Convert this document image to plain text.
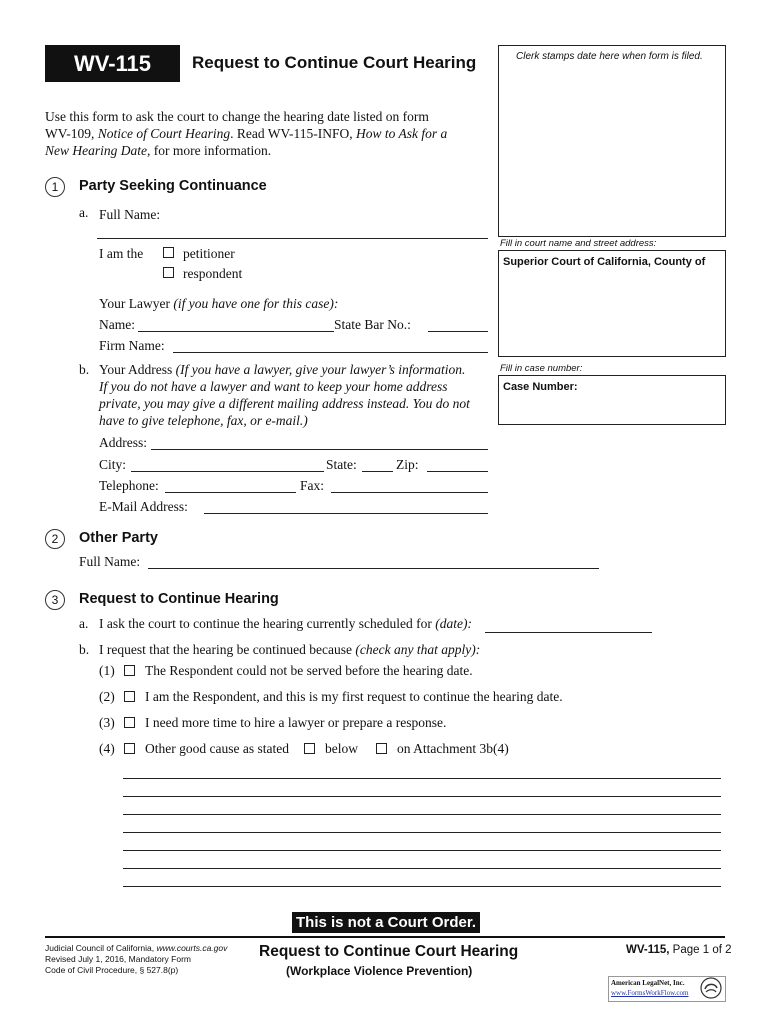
WV-115	Request to Continue Court Hearing	Clerk stamps date here when form is filed.
Use this form to ask the court to change the hearing date listed on form
WV-109, Notice of Court Hearing. Read WV-115-INFO, How to Ask for a
New Hearing Date, for more information.
Fill in court name and street address:
Superior Court of California, County of
Fill in case number:
Case Number:
1	Party Seeking Continuance
a. Full Name:
I am the	petitioner
respondent
Your Lawyer (if you have one for this case):
Name:	State Bar No.:
Firm Name:
b. Your Address (If you have a lawyer, give your lawyer’s information.
If you do not have a lawyer and want to keep your home address
private, you may give a different mailing address instead. You do not
have to give telephone, fax, or e-mail.)
Address:
City:	State:	Zip:
Telephone:	Fax:
E-Mail Address:
2	Other Party
Full Name:
3	Request to Continue Hearing
a. I ask the court to continue the hearing currently scheduled for (date):
b. I request that the hearing be continued because (check any that apply):
(1) The Respondent could not be served before the hearing date.
(2) I am the Respondent, and this is my first request to continue the hearing date.
(3) I need more time to hire a lawyer or prepare a response.
(4) Other good cause as stated	below	on Attachment 3b(4)
This is not a Court Order.
Judicial Council of California, www.courts.ca.gov
Revised July 1, 2016, Mandatory Form
Code of Civil Procedure, § 527.8(p)
Request to Continue Court Hearing
(Workplace Violence Prevention)
WV-115, Page 1 of 2
American LegalNet, Inc.
www.FormsWorkFlow.com
